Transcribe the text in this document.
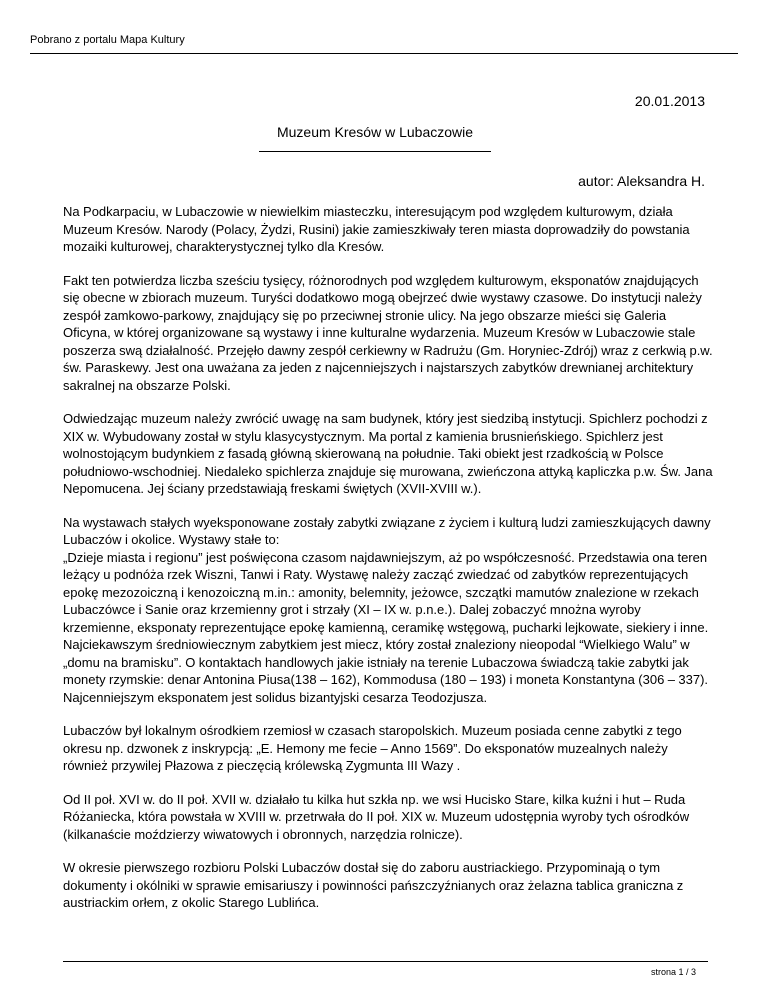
Pobrano z portalu Mapa Kultury
20.01.2013
Muzeum Kresów w Lubaczowie
autor: Aleksandra H.

Na Podkarpaciu, w Lubaczowie w niewielkim miasteczku, interesującym pod względem kulturowym, działa Muzeum Kresów. Narody (Polacy, Żydzi, Rusini) jakie zamieszkiwały teren miasta doprowadziły do powstania mozaiki kulturowej, charakterystycznej tylko dla Kresów.

Fakt ten potwierdza liczba sześciu tysięcy, różnorodnych pod względem kulturowym, eksponatów znajdujących się obecne w zbiorach muzeum. Turyści dodatkowo mogą obejrzeć dwie wystawy czasowe. Do instytucji należy zespół zamkowo-parkowy, znajdujący się po przeciwnej stronie ulicy. Na jego obszarze mieści się Galeria Oficyna, w której organizowane są wystawy i inne kulturalne wydarzenia. Muzeum Kresów w Lubaczowie stale poszerza swą działalność. Przejęło dawny zespół cerkiewny w Radrużu (Gm. Horyniec-Zdrój) wraz z cerkwią p.w. św. Paraskewy. Jest ona uważana za jeden z najcenniejszych i najstarszych zabytków drewnianej architektury sakralnej na obszarze Polski.

Odwiedzając muzeum należy zwrócić uwagę na sam budynek, który jest siedzibą instytucji. Spichlerz pochodzi z XIX w. Wybudowany został w stylu klasycystycznym. Ma portal z kamienia brusnieńskiego. Spichlerz jest wolnostojącym budynkiem z fasadą główną skierowaną na południe. Taki obiekt jest rzadkością w Polsce południowo-wschodniej. Niedaleko spichlerza znajduje się murowana, zwieńczona attyką kapliczka p.w. Św. Jana Nepomucena. Jej ściany przedstawiają freskami świętych (XVII-XVIII w.).

Na wystawach stałych wyeksponowane zostały zabytki związane z życiem i kulturą ludzi zamieszkujących dawny Lubaczów i okolice. Wystawy stałe to:

„Dzieje miasta i regionu” jest poświęcona czasom najdawniejszym, aż po współczesność. Przedstawia ona teren leżący u podnóża rzek Wiszni, Tanwi i Raty. Wystawę należy zacząć zwiedzać od zabytków reprezentujących epokę mezozoiczną i kenozoiczną m.in.: amonity, belemnity, jeżowce, szczątki mamutów znalezione w rzekach Lubaczówce i Sanie oraz krzemienny grot i strzały (XI – IX w. p.n.e.). Dalej zobaczyć mnożna wyroby krzemienne, eksponaty reprezentujące epokę kamienną, ceramikę wstęgową, pucharki lejkowate, siekiery i inne.

Najciekawszym średniowiecznym zabytkiem jest miecz, który został znaleziony nieopodal “Wielkiego Walu” w „domu na bramisku”. O kontaktach handlowych jakie istniały na terenie Lubaczowa świadczą takie zabytki jak monety rzymskie: denar Antonina Piusa(138 – 162), Kommodusa (180 – 193) i moneta Konstantyna (306 – 337). Najcenniejszym eksponatem jest solidus bizantyjski cesarza Teodozjusza.

Lubaczów był lokalnym ośrodkiem rzemiosł w czasach staropolskich. Muzeum posiada cenne zabytki z tego okresu np. dzwonek z inskrypcją: „E. Hemony me fecie – Anno 1569”. Do eksponatów muzealnych należy również przywilej Płazowa z pieczęcią królewską Zygmunta III Wazy .

Od II poł. XVI w. do II poł. XVII w. działało tu kilka hut szkła np. we wsi Hucisko Stare, kilka kuźni i hut – Ruda Różaniecka, która powstała w XVIII w. przetrwała do II poł. XIX w. Muzeum udostępnia wyroby tych ośrodków (kilkanaście moździerzy wiwatowych i obronnych, narzędzia rolnicze).

W okresie pierwszego rozbioru Polski Lubaczów dostał się do zaboru austriackiego. Przypominają o tym dokumenty i okólniki w sprawie emisariuszy i powinności pańszczyźnianych oraz żelazna tablica graniczna z austriackim orłem, z okolic Starego Lublińca.

strona 1 / 3
